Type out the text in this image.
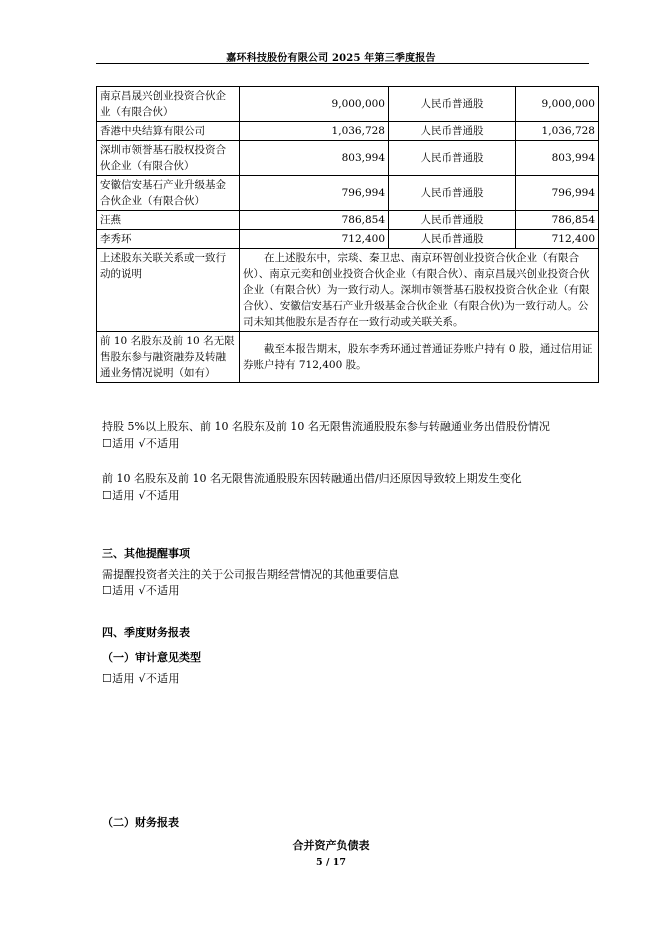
嘉环科技股份有限公司 2025 年第三季度报告
南京昌晟兴创业投资合伙企业（有限合伙）	9,000,000	人民币普通股	9,000,000
香港中央结算有限公司	1,036,728	人民币普通股	1,036,728
深圳市领誉基石股权投资合伙企业（有限合伙）	803,994	人民币普通股	803,994
安徽信安基石产业升级基金合伙企业（有限合伙）	796,994	人民币普通股	796,994
汪燕	786,854	人民币普通股	786,854
李秀环	712,400	人民币普通股	712,400
上述股东关联关系或一致行动的说明	在上述股东中，宗琰、秦卫忠、南京环智创业投资合伙企业（有限合伙）、南京元奕和创业投资合伙企业（有限合伙）、南京昌晟兴创业投资合伙企业（有限合伙）为一致行动人。深圳市领誉基石股权投资合伙企业（有限合伙）、安徽信安基石产业升级基金合伙企业（有限合伙)为一致行动人。公司未知其他股东是否存在一致行动或关联关系。		
前 10 名股东及前 10 名无限售股东参与融资融券及转融通业务情况说明（如有）	截至本报告期末，股东李秀环通过普通证券账户持有 0 股，通过信用证券账户持有 712,400 股。		
持股 5%以上股东、前 10 名股东及前 10 名无限售流通股股东参与转融通业务出借股份情况
☐适用 √不适用
前 10 名股东及前 10 名无限售流通股股东因转融通出借/归还原因导致较上期发生变化
☐适用 √不适用
三、其他提醒事项
需提醒投资者关注的关于公司报告期经营情况的其他重要信息
☐适用 √不适用
四、季度财务报表
（一）审计意见类型
☐适用 √不适用
（二）财务报表
合并资产负债表
5 / 17
